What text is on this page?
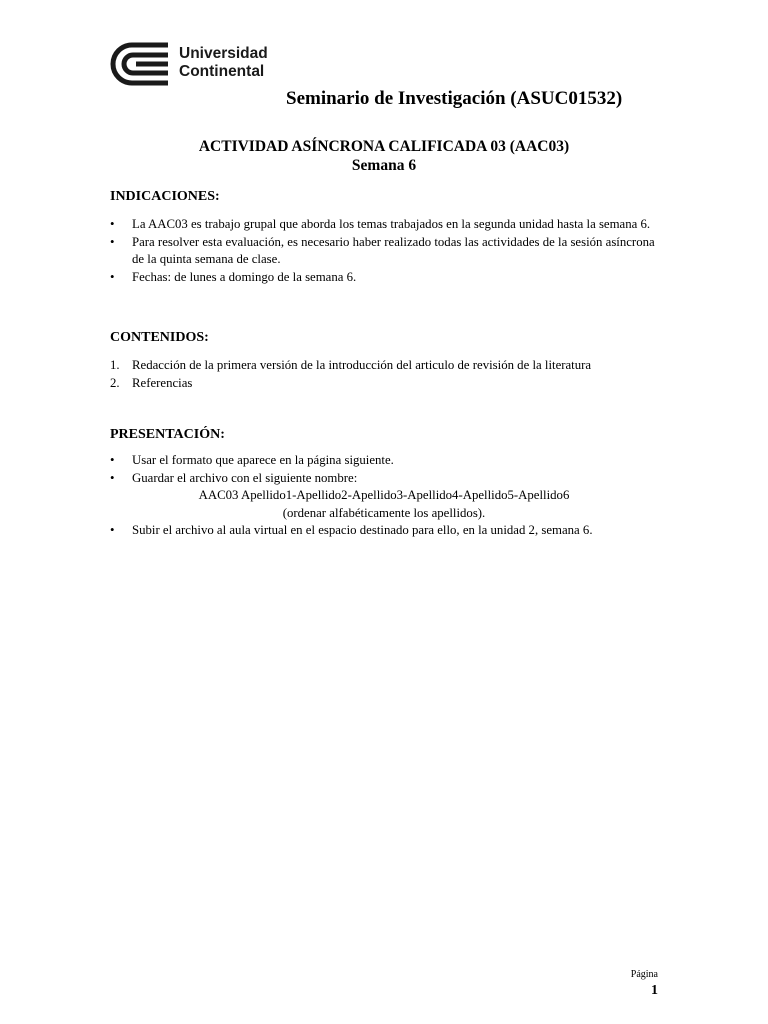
Universidad
Continental
Seminario de Investigación (ASUC01532)
ACTIVIDAD ASÍNCRONA CALIFICADA 03 (AAC03)
Semana 6
INDICACIONES:
• La AAC03 es trabajo grupal que aborda los temas trabajados en la segunda unidad hasta la semana 6.
• Para resolver esta evaluación, es necesario haber realizado todas las actividades de la sesión asíncrona de la quinta semana de clase.
• Fechas: de lunes a domingo de la semana 6.
CONTENIDOS:
1. Redacción de la primera versión de la introducción del articulo de revisión de la literatura
2. Referencias
PRESENTACIÓN:
• Usar el formato que aparece en la página siguiente.
• Guardar el archivo con el siguiente nombre:
AAC03 Apellido1-Apellido2-Apellido3-Apellido4-Apellido5-Apellido6
(ordenar alfabéticamente los apellidos).
• Subir el archivo al aula virtual en el espacio destinado para ello, en la unidad 2, semana 6.
Página
1
